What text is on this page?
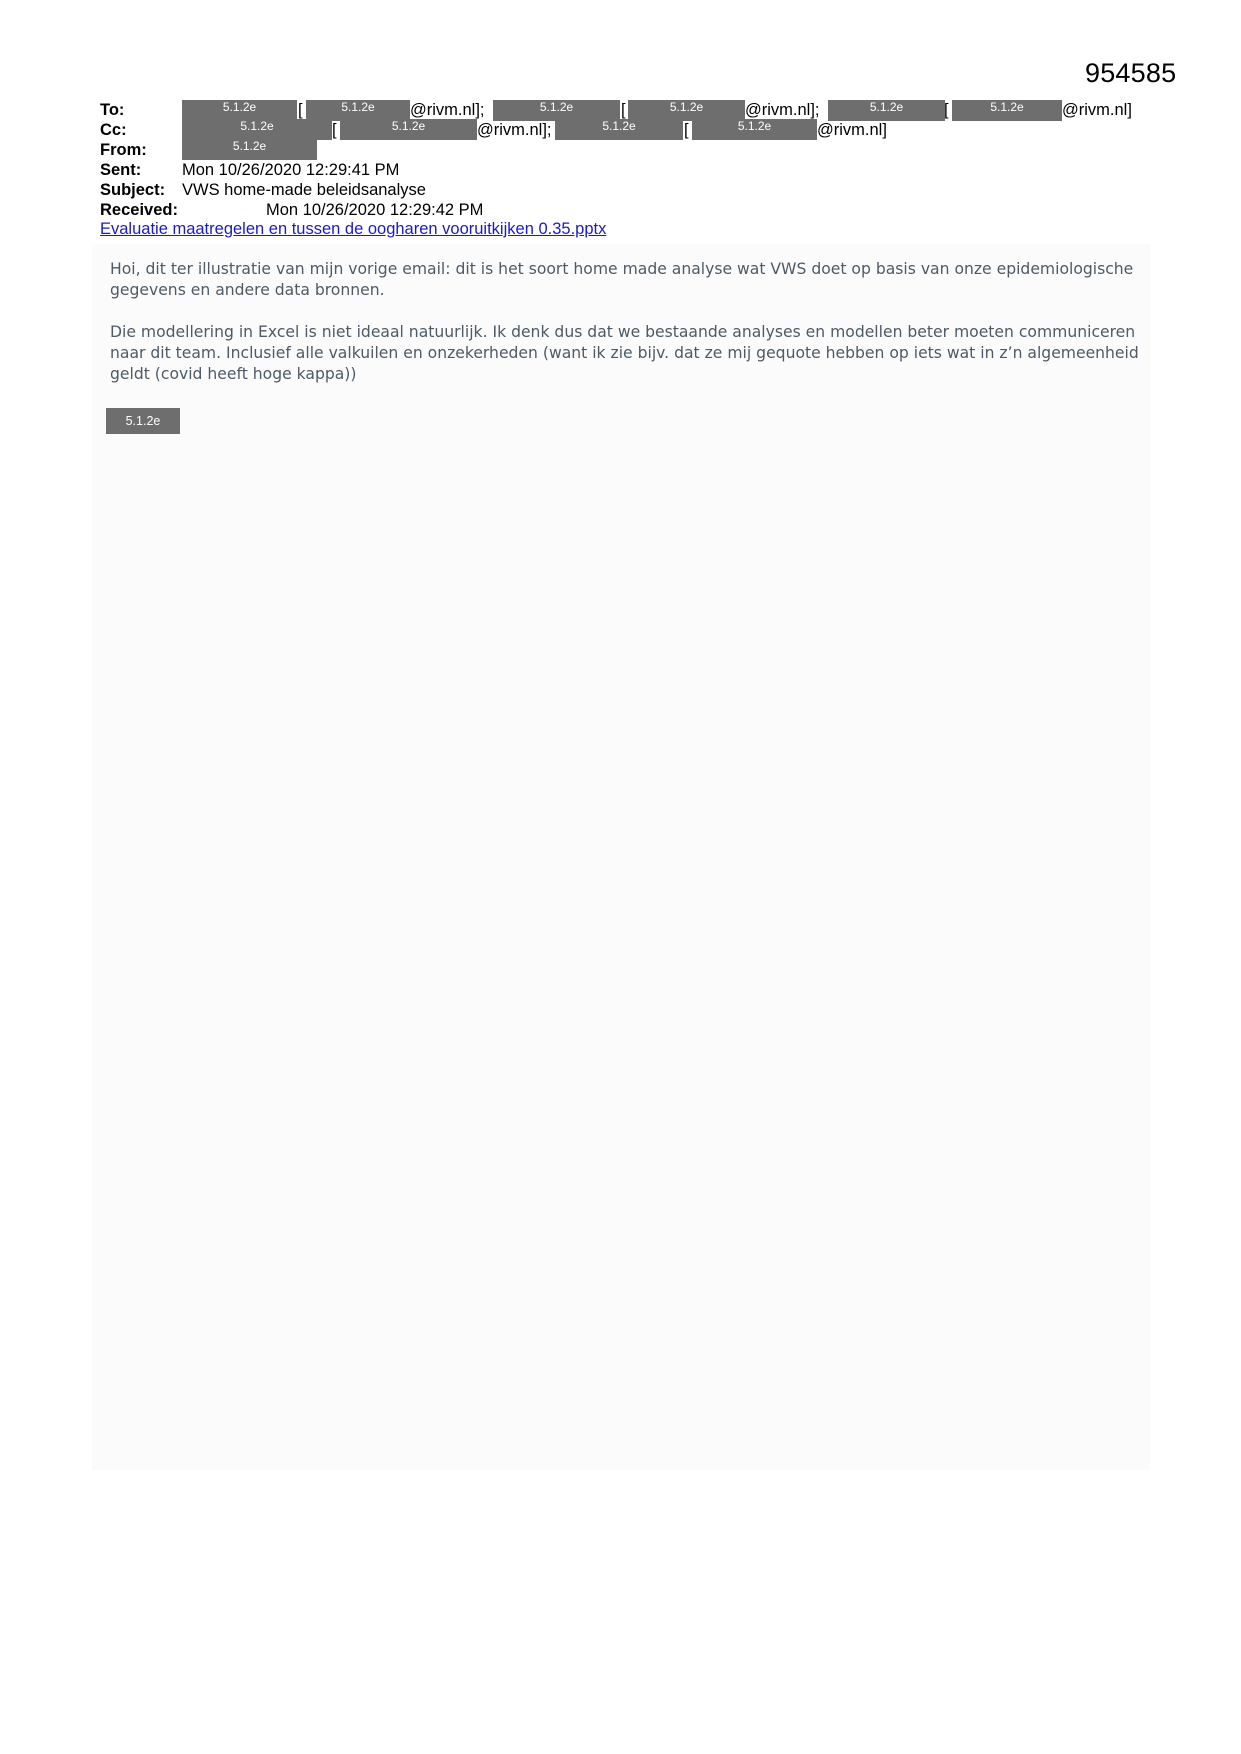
954585
To:	5.1.2e	[	5.1.2e	@rivm.nl];	5.1.2e	[	5.1.2e	@rivm.nl];	5.1.2e	[	5.1.2e	@rivm.nl]
Cc:	5.1.2e	[	5.1.2e	@rivm.nl];	5.1.2e	[	5.1.2e	@rivm.nl]
From:	5.1.2e
Sent: Mon 10/26/2020 12:29:41 PM
Subject: VWS home-made beleidsanalyse
Received:	Mon 10/26/2020 12:29:42 PM
Evaluatie maatregelen en tussen de oogharen vooruitkijken 0.35.pptx

Hoi, dit ter illustratie van mijn vorige email: dit is het soort home made analyse wat VWS doet op basis van onze epidemiologische gegevens en andere data bronnen.

Die modellering in Excel is niet ideaal natuurlijk. Ik denk dus dat we bestaande analyses en modellen beter moeten communiceren naar dit team. Inclusief alle valkuilen en onzekerheden (want ik zie bijv. dat ze mij gequote hebben op iets wat in z’n algemeenheid geldt (covid heeft hoge kappa))

5.1.2e
